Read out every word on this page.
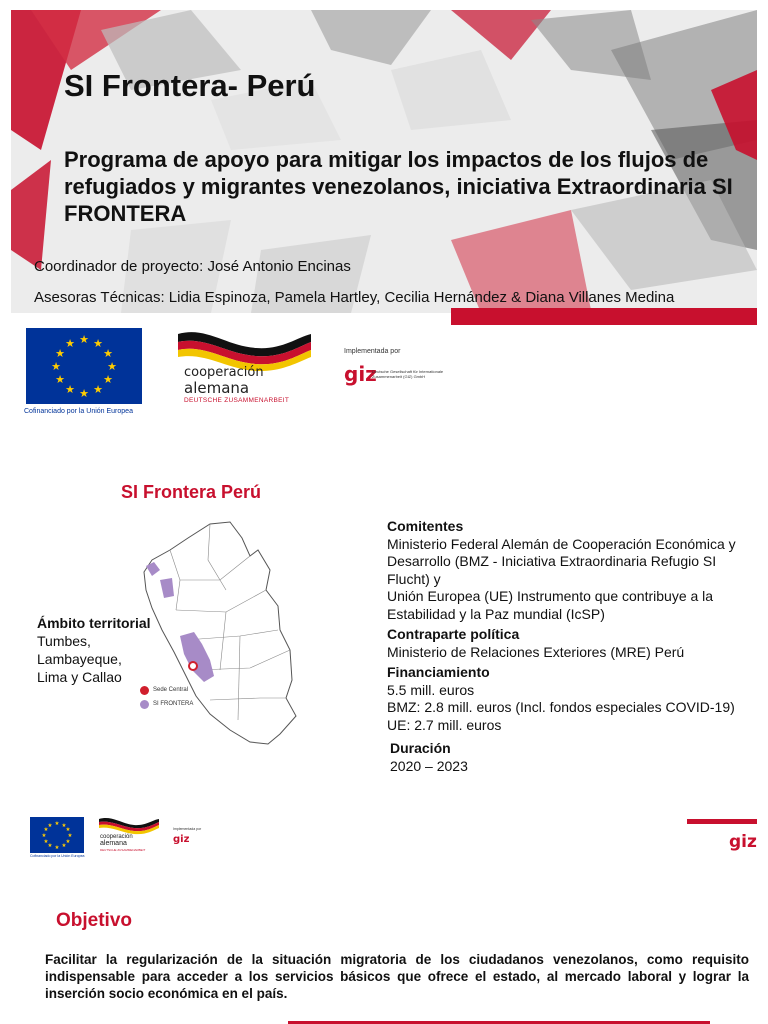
SI Frontera- Perú
Programa de apoyo para mitigar los impactos de los flujos de refugiados y migrantes venezolanos, iniciativa Extraordinaria SI FRONTERA
Coordinador de proyecto: José Antonio Encinas
Asesoras Técnicas: Lidia Espinoza, Pamela Hartley, Cecilia Hernández & Diana Villanes Medina
★ ★
★
★
★
★
★
★
★
★
★
★
Cofinanciado por la Unión Europea
cooperación
alemana
DEUTSCHE ZUSAMMENARBEIT
Implementada por
giz
Deutsche Gesellschaft für Internationale Zusammenarbeit (GIZ) GmbH
SI Frontera Perú
Sede Central
SI FRONTERA
Ámbito territorial
Tumbes,
Lambayeque,
Lima y Callao
Comitentes
Ministerio Federal Alemán de Cooperación Económica y
Desarrollo (BMZ - Iniciativa Extraordinaria Refugio SI
Flucht) y
Unión Europea (UE) Instrumento que contribuye a la
Estabilidad y la Paz mundial (IcSP)
Contraparte política
Ministerio de Relaciones Exteriores (MRE) Perú
Financiamiento
5.5 mill. euros
BMZ: 2.8 mill. euros (Incl. fondos especiales COVID-19)
UE: 2.7 mill. euros
Duración
2020 – 2023
★ ★
★
★
★
★
★
★
★
★
★
★
Cofinanciado por la Unión Europea
cooperación
alemana
DEUTSCHE ZUSAMMENARBEIT
Implementada por
giz	giz
Objetivo

Facilitar la regularización de la situación migratoria de los ciudadanos venezolanos, como requisito indispensable para acceder a los servicios básicos que ofrece el estado, al mercado laboral y lograr la inserción socio económica en el país.
